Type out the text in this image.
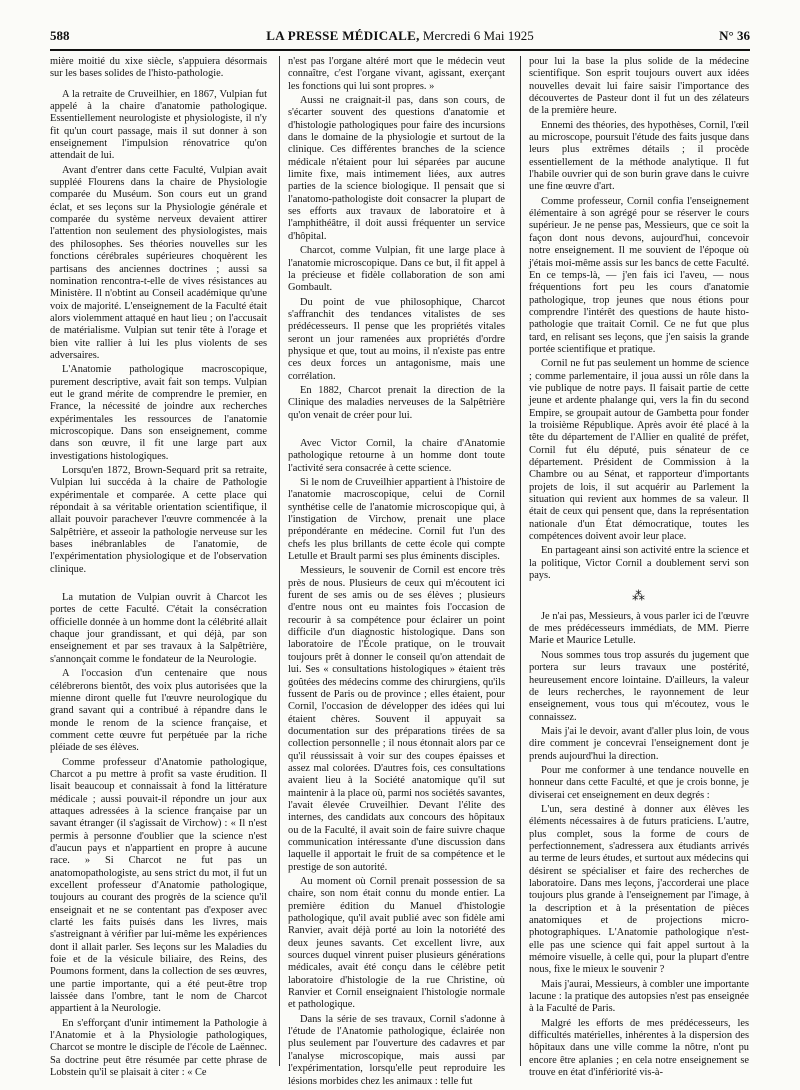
588	LA PRESSE MÉDICALE, Mercredi 6 Mai 1925	N° 36

mière moitié du xixe siècle, s'appuiera désormais sur les bases solides de l'histo-pathologie.

A la retraite de Cruveilhier, en 1867, Vulpian fut appelé à la chaire d'anatomie pathologique. Essentiellement neurologiste et physiologiste, il n'y fit qu'un court passage, mais il sut donner à son enseignement l'impulsion rénovatrice qu'on attendait de lui.

Avant d'entrer dans cette Faculté, Vulpian avait suppléé Flourens dans la chaire de Physiologie comparée du Muséum. Son cours eut un grand éclat, et ses leçons sur la Physiologie générale et comparée du système nerveux devaient attirer l'attention non seulement des physiologistes, mais des philosophes. Ses théories nouvelles sur les fonctions cérébrales supérieures choquèrent les partisans des anciennes doctrines ; aussi sa nomination rencontra-t-elle de vives résistances au Ministère. Il n'obtint au Conseil académique qu'une voix de majorité. L'enseignement de la Faculté était alors violemment attaqué en haut lieu ; on l'accusait de matérialisme. Vulpian sut tenir tête à l'orage et bien vite rallier à lui les plus violents de ses adversaires.

L'Anatomie pathologique macroscopique, purement descriptive, avait fait son temps. Vulpian eut le grand mérite de comprendre le premier, en France, la nécessité de joindre aux recherches expérimentales les ressources de l'anatomie microscopique. Dans son enseignement, comme dans son œuvre, il fit une large part aux investigations histologiques.

Lorsqu'en 1872, Brown-Sequard prit sa retraite, Vulpian lui succéda à la chaire de Pathologie expérimentale et comparée. A cette place qui répondait à sa véritable orientation scientifique, il allait pouvoir parachever l'œuvre commencée à la Salpêtrière, et asseoir la pathologie nerveuse sur les bases inébranlables de l'anatomie, de l'expérimentation physiologique et de l'observation clinique.

La mutation de Vulpian ouvrit à Charcot les portes de cette Faculté. C'était la consécration officielle donnée à un homme dont la célébrité allait chaque jour grandissant, et qui déjà, par son enseignement et par ses travaux à la Salpêtrière, s'annonçait comme le fondateur de la Neurologie.

A l'occasion d'un centenaire que nous célébrerons bientôt, des voix plus autorisées que la mienne diront quelle fut l'œuvre neurologique du grand savant qui a contribué à répandre dans le monde le renom de la science française, et comment cette œuvre fut perpétuée par la riche pléiade de ses élèves.

Comme professeur d'Anatomie pathologique, Charcot a pu mettre à profit sa vaste érudition. Il lisait beaucoup et connaissait à fond la littérature médicale ; aussi pouvait-il répondre un jour aux attaques adressées à la science française par un savant étranger (il s'agissait de Virchow) : « Il n'est permis à personne d'oublier que la science n'est d'aucun pays et n'appartient en propre à aucune race. » Si Charcot ne fut pas un anatomopathologiste, au sens strict du mot, il fut un excellent professeur d'Anatomie pathologique, toujours au courant des progrès de la science qu'il enseignait et ne se contentant pas d'exposer avec clarté les faits puisés dans les livres, mais s'astreignant à vérifier par lui-même les expériences dont il allait parler. Ses leçons sur les Maladies du foie et de la vésicule biliaire, des Reins, des Poumons forment, dans la collection de ses œuvres, une partie importante, qui a été peut-être trop laissée dans l'ombre, tant le nom de Charcot appartient à la Neurologie.

En s'efforçant d'unir intimement la Pathologie à l'Anatomie et à la Physiologie pathologiques, Charcot se montre le disciple de l'école de Laënnec. Sa doctrine peut être résumée par cette phrase de Lobstein qu'il se plaisait à citer : « Ce

n'est pas l'organe altéré mort que le médecin veut connaître, c'est l'organe vivant, agissant, exerçant les fonctions qui lui sont propres. »

Aussi ne craignait-il pas, dans son cours, de s'écarter souvent des questions d'anatomie et d'histologie pathologiques pour faire des incursions dans le domaine de la physiologie et surtout de la clinique. Ces différentes branches de la science médicale n'étaient pour lui séparées par aucune limite fixe, mais intimement liées, aux autres parties de la science biologique. Il pensait que si l'anatomo-pathologiste doit consacrer la plupart de ses efforts aux travaux de laboratoire et à l'amphithéâtre, il doit aussi fréquenter un service d'hôpital.

Charcot, comme Vulpian, fit une large place à l'anatomie microscopique. Dans ce but, il fit appel à la précieuse et fidèle collaboration de son ami Gombault.

Du point de vue philosophique, Charcot s'affranchit des tendances vitalistes de ses prédécesseurs. Il pense que les propriétés vitales seront un jour ramenées aux propriétés d'ordre physique et que, tout au moins, il n'existe pas entre ces deux forces un antagonisme, mais une corrélation.

En 1882, Charcot prenait la direction de la Clinique des maladies nerveuses de la Salpêtrière qu'on venait de créer pour lui.

Avec Victor Cornil, la chaire d'Anatomie pathologique retourne à un homme dont toute l'activité sera consacrée à cette science.

Si le nom de Cruveilhier appartient à l'histoire de l'anatomie macroscopique, celui de Cornil synthétise celle de l'anatomie microscopique qui, à l'instigation de Virchow, prenait une place prépondérante en médecine. Cornil fut l'un des chefs les plus brillants de cette école qui compte Letulle et Brault parmi ses plus éminents disciples.

Messieurs, le souvenir de Cornil est encore très près de nous. Plusieurs de ceux qui m'écoutent ici furent de ses amis ou de ses élèves ; plusieurs d'entre nous ont eu maintes fois l'occasion de recourir à sa compétence pour éclairer un point difficile d'un diagnostic histologique. Dans son laboratoire de l'École pratique, on le trouvait toujours prêt à donner le conseil qu'on attendait de lui. Ses « consultations histologiques » étaient très goûtées des médecins comme des chirurgiens, qu'ils fussent de Paris ou de province ; elles étaient, pour Cornil, l'occasion de développer des idées qui lui étaient chères. Souvent il appuyait sa documentation sur des préparations tirées de sa collection personnelle ; il nous étonnait alors par ce qu'il réussissait à voir sur des coupes épaisses et assez mal colorées. D'autres fois, ces consultations avaient lieu à la Société anatomique qu'il sut maintenir à la place où, parmi nos sociétés savantes, l'avait élevée Cruveilhier. Devant l'élite des internes, des candidats aux concours des hôpitaux ou de la Faculté, il avait soin de faire suivre chaque communication intéressante d'une discussion dans laquelle il apportait le fruit de sa compétence et le prestige de son autorité.

Au moment où Cornil prenait possession de sa chaire, son nom était connu du monde entier. La première édition du Manuel d'histologie pathologique, qu'il avait publié avec son fidèle ami Ranvier, avait déjà porté au loin la notoriété des deux jeunes savants. Cet excellent livre, aux sources duquel vinrent puiser plusieurs générations médicales, avait été conçu dans le célèbre petit laboratoire d'histologie de la rue Christine, où Ranvier et Cornil enseignaient l'histologie normale et pathologique.

Dans la série de ses travaux, Cornil s'adonne à l'étude de l'Anatomie pathologique, éclairée non plus seulement par l'ouverture des cadavres et par l'analyse microscopique, mais aussi par l'expérimentation, lorsqu'elle peut reproduire les lésions morbides chez les animaux : telle fut

pour lui la base la plus solide de la médecine scientifique. Son esprit toujours ouvert aux idées nouvelles devait lui faire saisir l'importance des découvertes de Pasteur dont il fut un des zélateurs de la première heure.

Ennemi des théories, des hypothèses, Cornil, l'œil au microscope, poursuit l'étude des faits jusque dans leurs plus extrêmes détails ; il procède essentiellement de la méthode analytique. Il fut l'habile ouvrier qui de son burin grave dans le cuivre une fine œuvre d'art.

Comme professeur, Cornil confia l'enseignement élémentaire à son agrégé pour se réserver le cours supérieur. Je ne pense pas, Messieurs, que ce soit la façon dont nous devons, aujourd'hui, concevoir notre enseignement. Il me souvient de l'époque où j'étais moi-même assis sur les bancs de cette Faculté. En ce temps-là, — j'en fais ici l'aveu, — nous fréquentions fort peu les cours d'anatomie pathologique, trop jeunes que nous étions pour comprendre l'intérêt des questions de haute histo-pathologie que traitait Cornil. Ce ne fut que plus tard, en relisant ses leçons, que j'en saisis la grande portée scientifique et pratique.

Cornil ne fut pas seulement un homme de science ; comme parlementaire, il joua aussi un rôle dans la vie publique de notre pays. Il faisait partie de cette jeune et ardente phalange qui, vers la fin du second Empire, se groupait autour de Gambetta pour fonder la troisième République. Après avoir été placé à la tête du département de l'Allier en qualité de préfet, Cornil fut élu député, puis sénateur de ce département. Président de Commission à la Chambre ou au Sénat, et rapporteur d'importants projets de lois, il sut acquérir au Parlement la situation qui revient aux hommes de sa valeur. Il était de ceux qui pensent que, dans la représentation nationale d'un État démocratique, toutes les compétences doivent avoir leur place.

En partageant ainsi son activité entre la science et la politique, Victor Cornil a doublement servi son pays.

⁂

Je n'ai pas, Messieurs, à vous parler ici de l'œuvre de mes prédécesseurs immédiats, de MM. Pierre Marie et Maurice Letulle.

Nous sommes tous trop assurés du jugement que portera sur leurs travaux une postérité, heureusement encore lointaine. D'ailleurs, la valeur de leurs recherches, le rayonnement de leur enseignement, vous tous qui m'écoutez, vous le connaissez.

Mais j'ai le devoir, avant d'aller plus loin, de vous dire comment je concevrai l'enseignement dont je prends aujourd'hui la direction.

Pour me conformer à une tendance nouvelle en honneur dans cette Faculté, et que je crois bonne, je diviserai cet enseignement en deux degrés :

L'un, sera destiné à donner aux élèves les éléments nécessaires à de futurs praticiens. L'autre, plus complet, sous la forme de cours de perfectionnement, s'adressera aux étudiants arrivés au terme de leurs études, et surtout aux médecins qui désirent se spécialiser et faire des recherches de laboratoire. Dans mes leçons, j'accorderai une place toujours plus grande à l'enseignement par l'image, à la description et à la présentation de pièces anatomiques et de projections micro-photographiques. L'Anatomie pathologique n'est-elle pas une science qui fait appel surtout à la mémoire visuelle, à celle qui, pour la plupart d'entre nous, fixe le mieux le souvenir ?

Mais j'aurai, Messieurs, à combler une importante lacune : la pratique des autopsies n'est pas enseignée à la Faculté de Paris.

Malgré les efforts de mes prédécesseurs, les difficultés matérielles, inhérentes à la dispersion des hôpitaux dans une ville comme la nôtre, n'ont pu encore être aplanies ; en cela notre enseignement se trouve en état d'infériorité vis-à-
